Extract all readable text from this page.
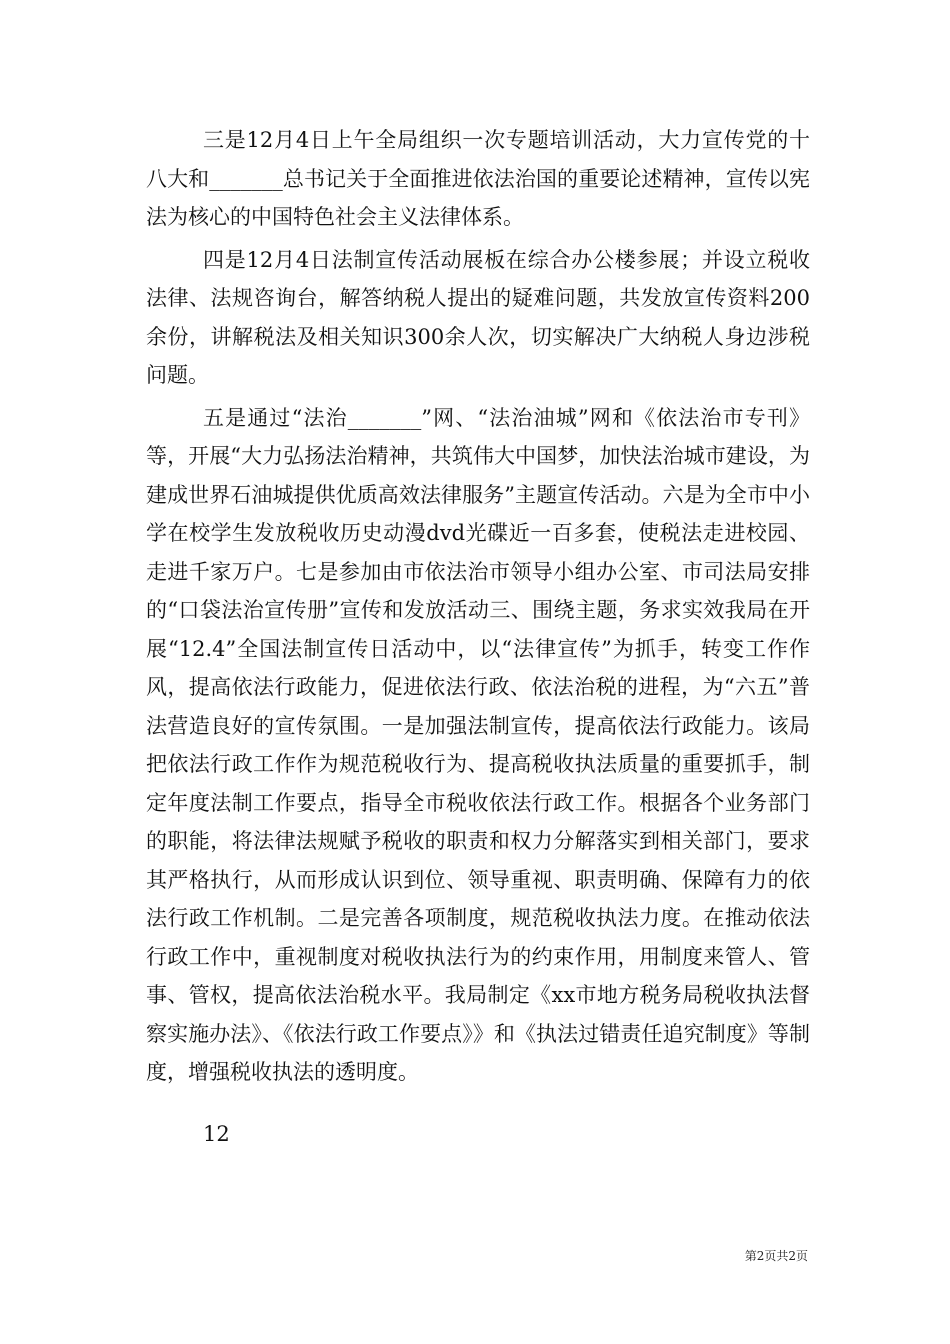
三是12月4日上午全局组织一次专题培训活动，大力宣传党的十八大和_______总书记关于全面推进依法治国的重要论述精神，宣传以宪法为核心的中国特色社会主义法律体系。

四是12月4日法制宣传活动展板在综合办公楼参展；并设立税收法律、法规咨询台，解答纳税人提出的疑难问题，共发放宣传资料200余份，讲解税法及相关知识300余人次，切实解决广大纳税人身边涉税问题。

五是通过“法治_______”网、“法治油城”网和《依法治市专刊》等，开展“大力弘扬法治精神，共筑伟大中国梦，加快法治城市建设，为建成世界石油城提供优质高效法律服务”主题宣传活动。六是为全市中小学在校学生发放税收历史动漫dvd光碟近一百多套，使税法走进校园、走进千家万户。七是参加由市依法治市领导小组办公室、市司法局安排的“口袋法治宣传册”宣传和发放活动三、围绕主题，务求实效我局在开展“12.4”全国法制宣传日活动中，以“法律宣传”为抓手，转变工作作风，提高依法行政能力，促进依法行政、依法治税的进程，为“六五”普法营造良好的宣传氛围。一是加强法制宣传，提高依法行政能力。该局把依法行政工作作为规范税收行为、提高税收执法质量的重要抓手，制定年度法制工作要点，指导全市税收依法行政工作。根据各个业务部门的职能，将法律法规赋予税收的职责和权力分解落实到相关部门，要求其严格执行，从而形成认识到位、领导重视、职责明确、保障有力的依法行政工作机制。二是完善各项制度，规范税收执法力度。在推动依法行政工作中，重视制度对税收执法行为的约束作用，用制度来管人、管事、管权，提高依法治税水平。我局制定《xx市地方税务局税收执法督察实施办法》、《依法行政工作要点》》和《执法过错责任追究制度》等制度，增强税收执法的透明度。

12

第2页共2页
